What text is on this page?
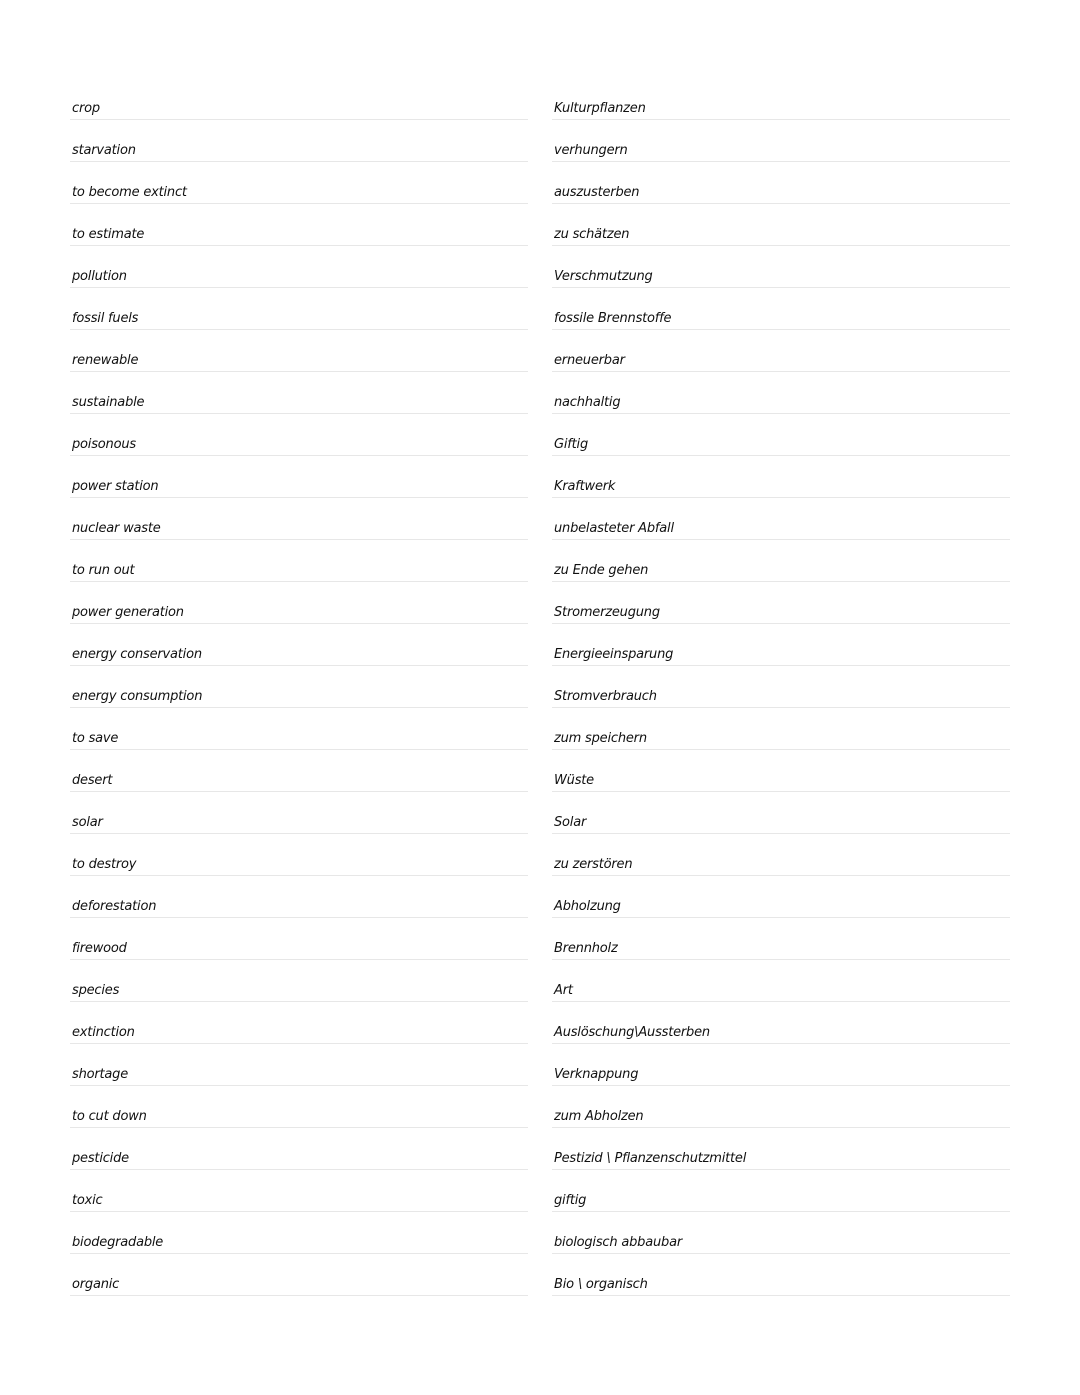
crop
starvation
to become extinct
to estimate
pollution
fossil fuels
renewable
sustainable
poisonous
power station
nuclear waste
to run out
power generation
energy conservation
energy consumption
to save
desert
solar
to destroy
deforestation
firewood
species
extinction
shortage
to cut down
pesticide
toxic
biodegradable
organic
Kulturpflanzen
verhungern
auszusterben
zu schätzen
Verschmutzung
fossile Brennstoffe
erneuerbar
nachhaltig
Giftig
Kraftwerk
unbelasteter Abfall
zu Ende gehen
Stromerzeugung
Energieeinsparung
Stromverbrauch
zum speichern
Wüste
Solar
zu zerstören
Abholzung
Brennholz
Art
Auslöschung\Aussterben
Verknappung
zum Abholzen
Pestizid \ Pflanzenschutzmittel
giftig
biologisch abbaubar
Bio \ organisch
